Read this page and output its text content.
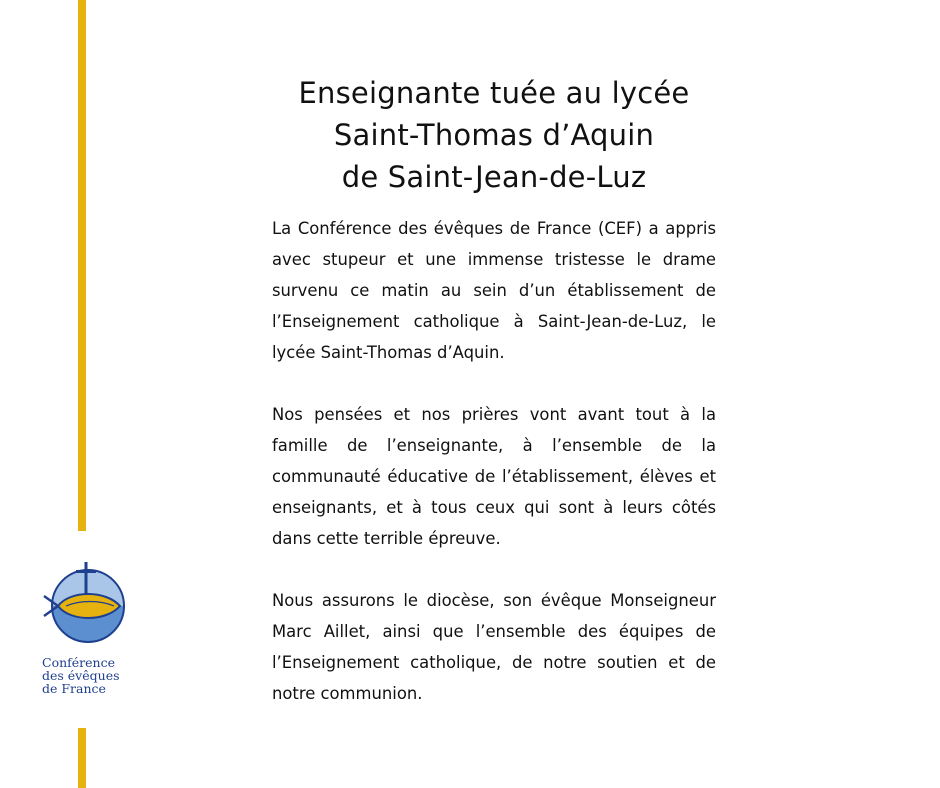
Conférence
des évêques
de France
Enseignante tuée au lycée
Saint-Thomas d’Aquin
de Saint-Jean-de-Luz

La Conférence des évêques de France (CEF) a appris avec stupeur et une immense tristesse le drame survenu ce matin au sein d’un établissement de l’Enseignement catholique à Saint-Jean-de-Luz, le lycée Saint-Thomas d’Aquin.

Nos pensées et nos prières vont avant tout à la famille de l’enseignante, à l’ensemble de la communauté éducative de l’établissement, élèves et enseignants, et à tous ceux qui sont à leurs côtés dans cette terrible épreuve.

Nous assurons le diocèse, son évêque Monseigneur Marc Aillet, ainsi que l’ensemble des équipes de l’Enseignement catholique, de notre soutien et de notre communion.
